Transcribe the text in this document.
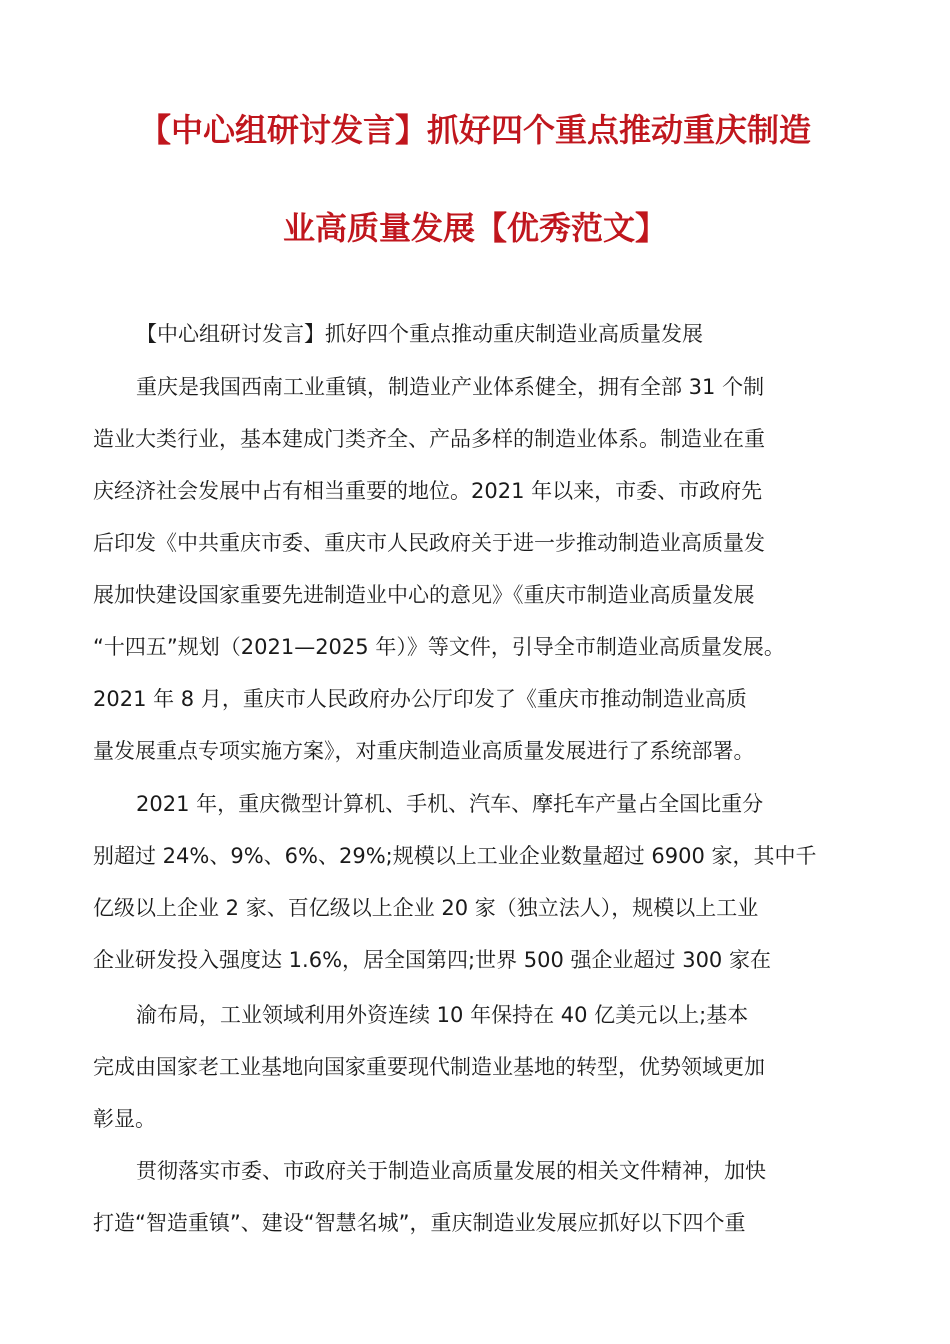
【中心组研讨发言】抓好四个重点推动重庆制造
业高质量发展【优秀范文】

【中心组研讨发言】抓好四个重点推动重庆制造业高质量发展

重庆是我国西南工业重镇，制造业产业体系健全，拥有全部 31 个制

造业大类行业，基本建成门类齐全、产品多样的制造业体系。制造业在重

庆经济社会发展中占有相当重要的地位。2021 年以来，市委、市政府先

后印发《中共重庆市委、重庆市人民政府关于进一步推动制造业高质量发

展加快建设国家重要先进制造业中心的意见》《重庆市制造业高质量发展

“十四五”规划（2021—2025 年）》等文件，引导全市制造业高质量发展。

2021 年 8 月，重庆市人民政府办公厅印发了《重庆市推动制造业高质

量发展重点专项实施方案》，对重庆制造业高质量发展进行了系统部署。

2021 年，重庆微型计算机、手机、汽车、摩托车产量占全国比重分

别超过 24%、9%、6%、29%;规模以上工业企业数量超过 6900 家，其中千

亿级以上企业 2 家、百亿级以上企业 20 家（独立法人），规模以上工业

企业研发投入强度达 1.6%，居全国第四;世界 500 强企业超过 300 家在

渝布局，工业领域利用外资连续 10 年保持在 40 亿美元以上;基本

完成由国家老工业基地向国家重要现代制造业基地的转型，优势领域更加

彰显。

贯彻落实市委、市政府关于制造业高质量发展的相关文件精神，加快

打造“智造重镇”、建设“智慧名城”，重庆制造业发展应抓好以下四个重
